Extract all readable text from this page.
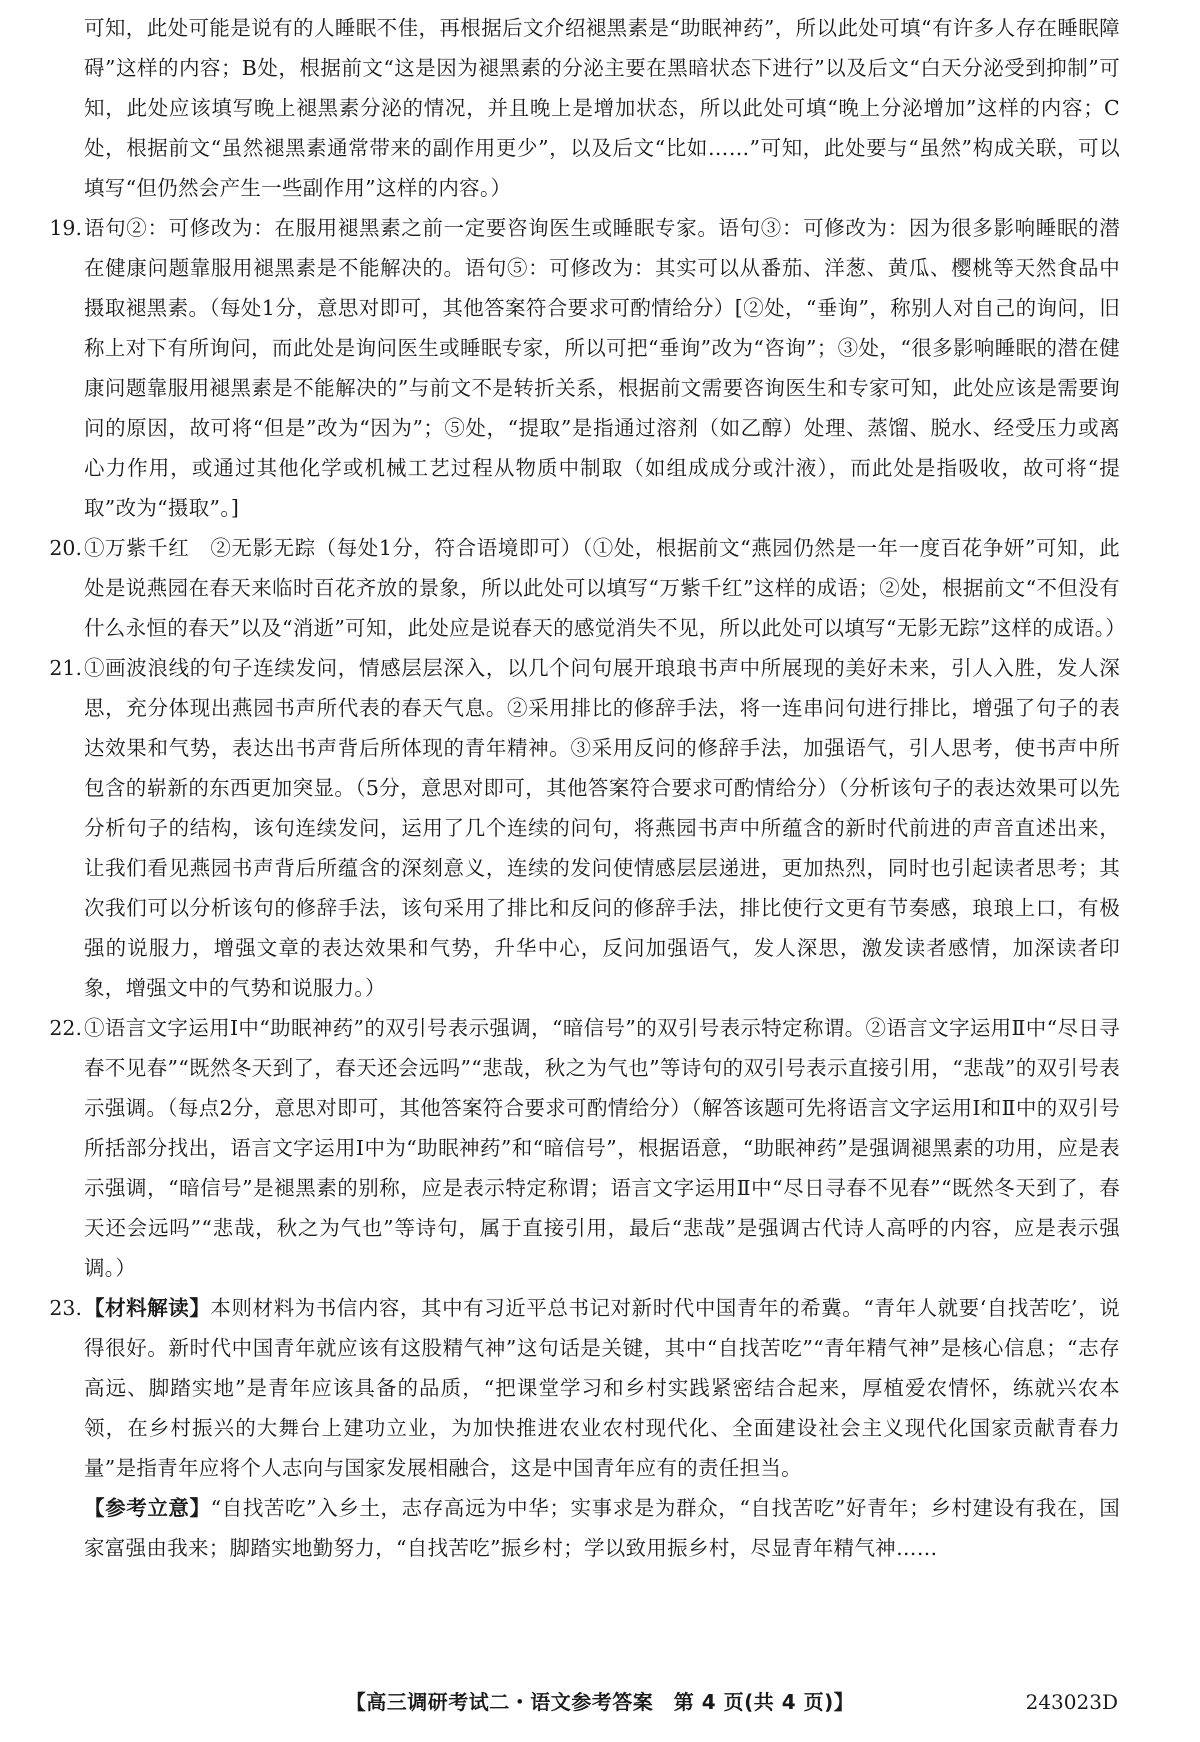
可知，此处可能是说有的人睡眠不佳，再根据后文介绍褪黑素是“助眠神药”，所以此处可填“有许多人存在睡眠障碍”这样的内容；B处，根据前文“这是因为褪黑素的分泌主要在黑暗状态下进行”以及后文“白天分泌受到抑制”可知，此处应该填写晚上褪黑素分泌的情况，并且晚上是增加状态，所以此处可填“晚上分泌增加”这样的内容；C处，根据前文“虽然褪黑素通常带来的副作用更少”，以及后文“比如……”可知，此处要与“虽然”构成关联，可以填写“但仍然会产生一些副作用”这样的内容。）

19. 语句②：可修改为：在服用褪黑素之前一定要咨询医生或睡眠专家。语句③：可修改为：因为很多影响睡眠的潜在健康问题靠服用褪黑素是不能解决的。语句⑤：可修改为：其实可以从番茄、洋葱、黄瓜、樱桃等天然食品中摄取褪黑素。（每处1分，意思对即可，其他答案符合要求可酌情给分）[②处，“垂询”，称别人对自己的询问，旧称上对下有所询问，而此处是询问医生或睡眠专家，所以可把“垂询”改为“咨询”；③处，“很多影响睡眠的潜在健康问题靠服用褪黑素是不能解决的”与前文不是转折关系，根据前文需要咨询医生和专家可知，此处应该是需要询问的原因，故可将“但是”改为“因为”；⑤处，“提取”是指通过溶剂（如乙醇）处理、蒸馏、脱水、经受压力或离心力作用，或通过其他化学或机械工艺过程从物质中制取（如组成成分或汁液），而此处是指吸收，故可将“提取”改为“摄取”。]

20. ①万紫千红　②无影无踪（每处1分，符合语境即可）（①处，根据前文“燕园仍然是一年一度百花争妍”可知，此处是说燕园在春天来临时百花齐放的景象，所以此处可以填写“万紫千红”这样的成语；②处，根据前文“不但没有什么永恒的春天”以及“消逝”可知，此处应是说春天的感觉消失不见，所以此处可以填写“无影无踪”这样的成语。）

21. ①画波浪线的句子连续发问，情感层层深入，以几个问句展开琅琅书声中所展现的美好未来，引人入胜，发人深思，充分体现出燕园书声所代表的春天气息。②采用排比的修辞手法，将一连串问句进行排比，增强了句子的表达效果和气势，表达出书声背后所体现的青年精神。③采用反问的修辞手法，加强语气，引人思考，使书声中所包含的崭新的东西更加突显。（5分，意思对即可，其他答案符合要求可酌情给分）（分析该句子的表达效果可以先分析句子的结构，该句连续发问，运用了几个连续的问句，将燕园书声中所蕴含的新时代前进的声音直述出来，让我们看见燕园书声背后所蕴含的深刻意义，连续的发问使情感层层递进，更加热烈，同时也引起读者思考；其次我们可以分析该句的修辞手法，该句采用了排比和反问的修辞手法，排比使行文更有节奏感，琅琅上口，有极强的说服力，增强文章的表达效果和气势，升华中心，反问加强语气，发人深思，激发读者感情，加深读者印象，增强文中的气势和说服力。）

22. ①语言文字运用Ⅰ中“助眠神药”的双引号表示强调，“暗信号”的双引号表示特定称谓。②语言文字运用Ⅱ中“尽日寻春不见春”“既然冬天到了，春天还会远吗”“悲哉，秋之为气也”等诗句的双引号表示直接引用，“悲哉”的双引号表示强调。（每点2分，意思对即可，其他答案符合要求可酌情给分）（解答该题可先将语言文字运用Ⅰ和Ⅱ中的双引号所括部分找出，语言文字运用Ⅰ中为“助眠神药”和“暗信号”，根据语意，“助眠神药”是强调褪黑素的功用，应是表示强调，“暗信号”是褪黑素的别称，应是表示特定称谓；语言文字运用Ⅱ中“尽日寻春不见春”“既然冬天到了，春天还会远吗”“悲哉，秋之为气也”等诗句，属于直接引用，最后“悲哉”是强调古代诗人高呼的内容，应是表示强调。）

23. 【材料解读】本则材料为书信内容，其中有习近平总书记对新时代中国青年的希冀。“青年人就要‘自找苦吃’，说得很好。新时代中国青年就应该有这股精气神”这句话是关键，其中“自找苦吃”“青年精气神”是核心信息；“志存高远、脚踏实地”是青年应该具备的品质，“把课堂学习和乡村实践紧密结合起来，厚植爱农情怀，练就兴农本领，在乡村振兴的大舞台上建功立业，为加快推进农业农村现代化、全面建设社会主义现代化国家贡献青春力量”是指青年应将个人志向与国家发展相融合，这是中国青年应有的责任担当。

【参考立意】“自找苦吃”入乡土，志存高远为中华；实事求是为群众，“自找苦吃”好青年；乡村建设有我在，国家富强由我来；脚踏实地勤努力，“自找苦吃”振乡村；学以致用振乡村，尽显青年精气神……

【高三调研考试二・语文参考答案　第 4 页(共 4 页)】	243023D
